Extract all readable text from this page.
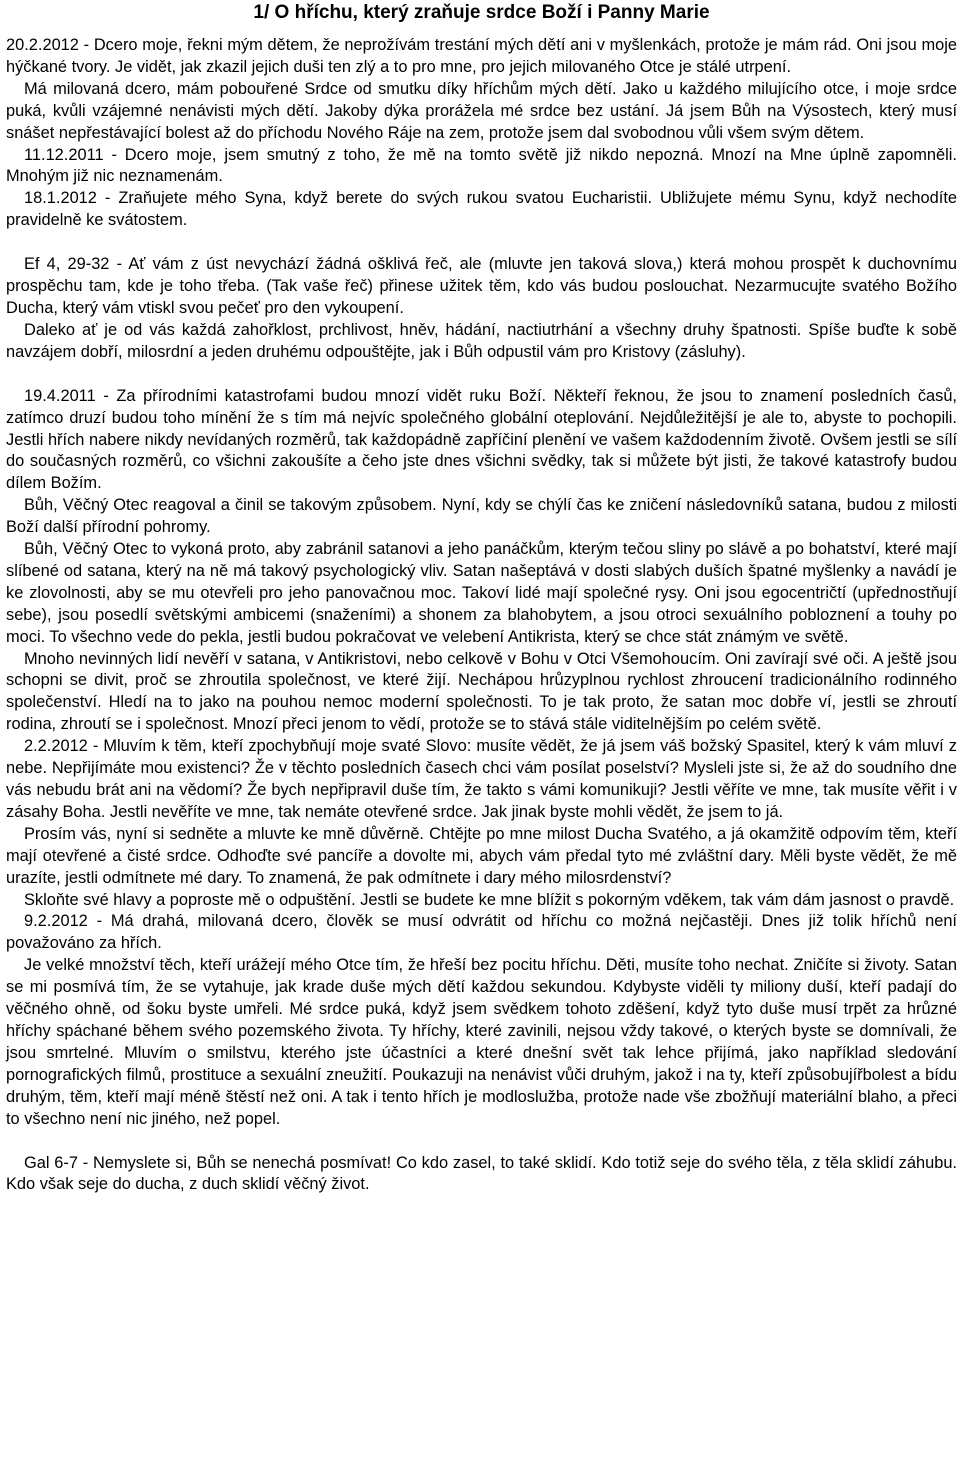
1/ O hříchu, který zraňuje srdce Boží i Panny Marie

20.2.2012 - Dcero moje, řekni mým dětem, že neprožívám trestání mých dětí ani v myšlenkách, protože je mám rád. Oni jsou moje hýčkané tvory. Je vidět, jak zkazil jejich duši ten zlý a to pro mne, pro jejich milovaného Otce je stálé utrpení.

Má milovaná dcero, mám pobouřené Srdce od smutku díky hříchům mých dětí. Jako u každého milujícího otce, i moje srdce puká, kvůli vzájemné nenávisti mých dětí. Jakoby dýka prorážela mé srdce bez ustání. Já jsem Bůh na Výsostech, který musí snášet nepřestávající bolest až do příchodu Nového Ráje na zem, protože jsem dal svobodnou vůli všem svým dětem.

11.12.2011 - Dcero moje, jsem smutný z toho, že mě na tomto světě již nikdo nepozná. Mnozí na Mne úplně zapomněli. Mnohým již nic neznamenám.

18.1.2012 - Zraňujete mého Syna, když berete do svých rukou svatou Eucharistii. Ubližujete mému Synu, když nechodíte pravidelně ke svátostem.

Ef 4, 29-32 - Ať vám z úst nevychází žádná ošklivá řeč, ale (mluvte jen taková slova,) která mohou prospět k duchovnímu prospěchu tam, kde je toho třeba. (Tak vaše řeč) přinese užitek těm, kdo vás budou poslouchat. Nezarmucujte svatého Božího Ducha, který vám vtiskl svou pečeť pro den vykoupení.

Daleko ať je od vás každá zahořklost, prchlivost, hněv, hádání, nactiutrhání a všechny druhy špatnosti. Spíše buďte k sobě navzájem dobří, milosrdní a jeden druhému odpouštějte, jak i Bůh odpustil vám pro Kristovy (zásluhy).

19.4.2011 - Za přírodními katastrofami budou mnozí vidět ruku Boží. Někteří řeknou, že jsou to znamení posledních časů, zatímco druzí budou toho mínění že s tím má nejvíc společného globální oteplování. Nejdůležitější je ale to, abyste to pochopili. Jestli hřích nabere nikdy nevídaných rozměrů, tak každopádně zapříčiní plenění ve vašem každodenním životě. Ovšem jestli se sílí do současných rozměrů, co všichni zakoušíte a čeho jste dnes všichni svědky, tak si můžete být jisti, že takové katastrofy budou dílem Božím.

Bůh, Věčný Otec reagoval a činil se takovým způsobem. Nyní, kdy se chýlí čas ke zničení následovníků satana, budou z milosti Boží další přírodní pohromy.

Bůh, Věčný Otec to vykoná proto, aby zabránil satanovi a jeho panáčkům, kterým tečou sliny po slávě a po bohatství, které mají slíbené od satana, který na ně má takový psychologický vliv. Satan našeptává v dosti slabých duších špatné myšlenky a navádí je ke zlovolnosti, aby se mu otevřeli pro jeho panovačnou moc. Takoví lidé mají společné rysy. Oni jsou egocentričtí (upřednostňují sebe), jsou posedlí světskými ambicemi (snaženími) a shonem za blahobytem, a jsou otroci sexuálního pobloznení a touhy po moci. To všechno vede do pekla, jestli budou pokračovat ve velebení Antikrista, který se chce stát známým ve světě.

Mnoho nevinných lidí nevěří v satana, v Antikristovi, nebo celkově v Bohu v Otci Všemohoucím. Oni zavírají své oči. A ještě jsou schopni se divit, proč se zhroutila společnost, ve které žijí. Nechápou hrůzyplnou rychlost zhroucení tradicionálního rodinného společenství. Hledí na to jako na pouhou nemoc moderní společnosti. To je tak proto, že satan moc dobře ví, jestli se zhroutí rodina, zhroutí se i společnost. Mnozí přeci jenom to vědí, protože se to stává stále viditelnějším po celém světě.

2.2.2012 - Mluvím k těm, kteří zpochybňují moje svaté Slovo: musíte vědět, že já jsem váš božský Spasitel, který k vám mluví z nebe. Nepřijímáte mou existenci? Že v těchto posledních časech chci vám posílat poselství? Mysleli jste si, že až do soudního dne vás nebudu brát ani na vědomí? Že bych nepřipravil duše tím, že takto s vámi komunikuji? Jestli věříte ve mne, tak musíte věřit i v zásahy Boha. Jestli nevěříte ve mne, tak nemáte otevřené srdce. Jak jinak byste mohli vědět, že jsem to já.

Prosím vás, nyní si sedněte a mluvte ke mně důvěrně. Chtějte po mne milost Ducha Svatého, a já okamžitě odpovím těm, kteří mají otevřené a čisté srdce. Odhoďte své pancíře a dovolte mi, abych vám předal tyto mé zvláštní dary. Měli byste vědět, že mě urazíte, jestli odmítnete mé dary. To znamená, že pak odmítnete i dary mého milosrdenství?

Skloňte své hlavy a poproste mě o odpuštění. Jestli se budete ke mne blížit s pokorným vděkem, tak vám dám jasnost o pravdě.

9.2.2012 - Má drahá, milovaná dcero, člověk se musí odvrátit od hříchu co možná nejčastěji. Dnes již tolik hříchů není považováno za hřích.

Je velké množství těch, kteří urážejí mého Otce tím, že hřeší bez pocitu hříchu. Děti, musíte toho nechat. Zničíte si životy. Satan se mi posmívá tím, že se vytahuje, jak krade duše mých dětí každou sekundou. Kdybyste viděli ty miliony duší, kteří padají do věčného ohně, od šoku byste umřeli. Mé srdce puká, když jsem svědkem tohoto zděšení, když tyto duše musí trpět za hrůzné hříchy spáchané během svého pozemského života. Ty hříchy, které zavinili, nejsou vždy takové, o kterých byste se domnívali, že jsou smrtelné. Mluvím o smilstvu, kterého jste účastníci a které dnešní svět tak lehce přijímá, jako například sledování pornografických filmů, prostituce a sexuální zneužití. Poukazuji na nenávist vůči druhým, jakož i na ty, kteří způsobujířbolest a bídu druhým, těm, kteří mají méně štěstí než oni. A tak i tento hřích je modloslužba, protože nade vše zbožňují materiální blaho, a přeci to všechno není nic jiného, než popel.

Gal 6-7 - Nemyslete si, Bůh se nenechá posmívat! Co kdo zasel, to také sklidí. Kdo totiž seje do svého těla, z těla sklidí záhubu. Kdo však seje do ducha, z duch sklidí věčný život.
